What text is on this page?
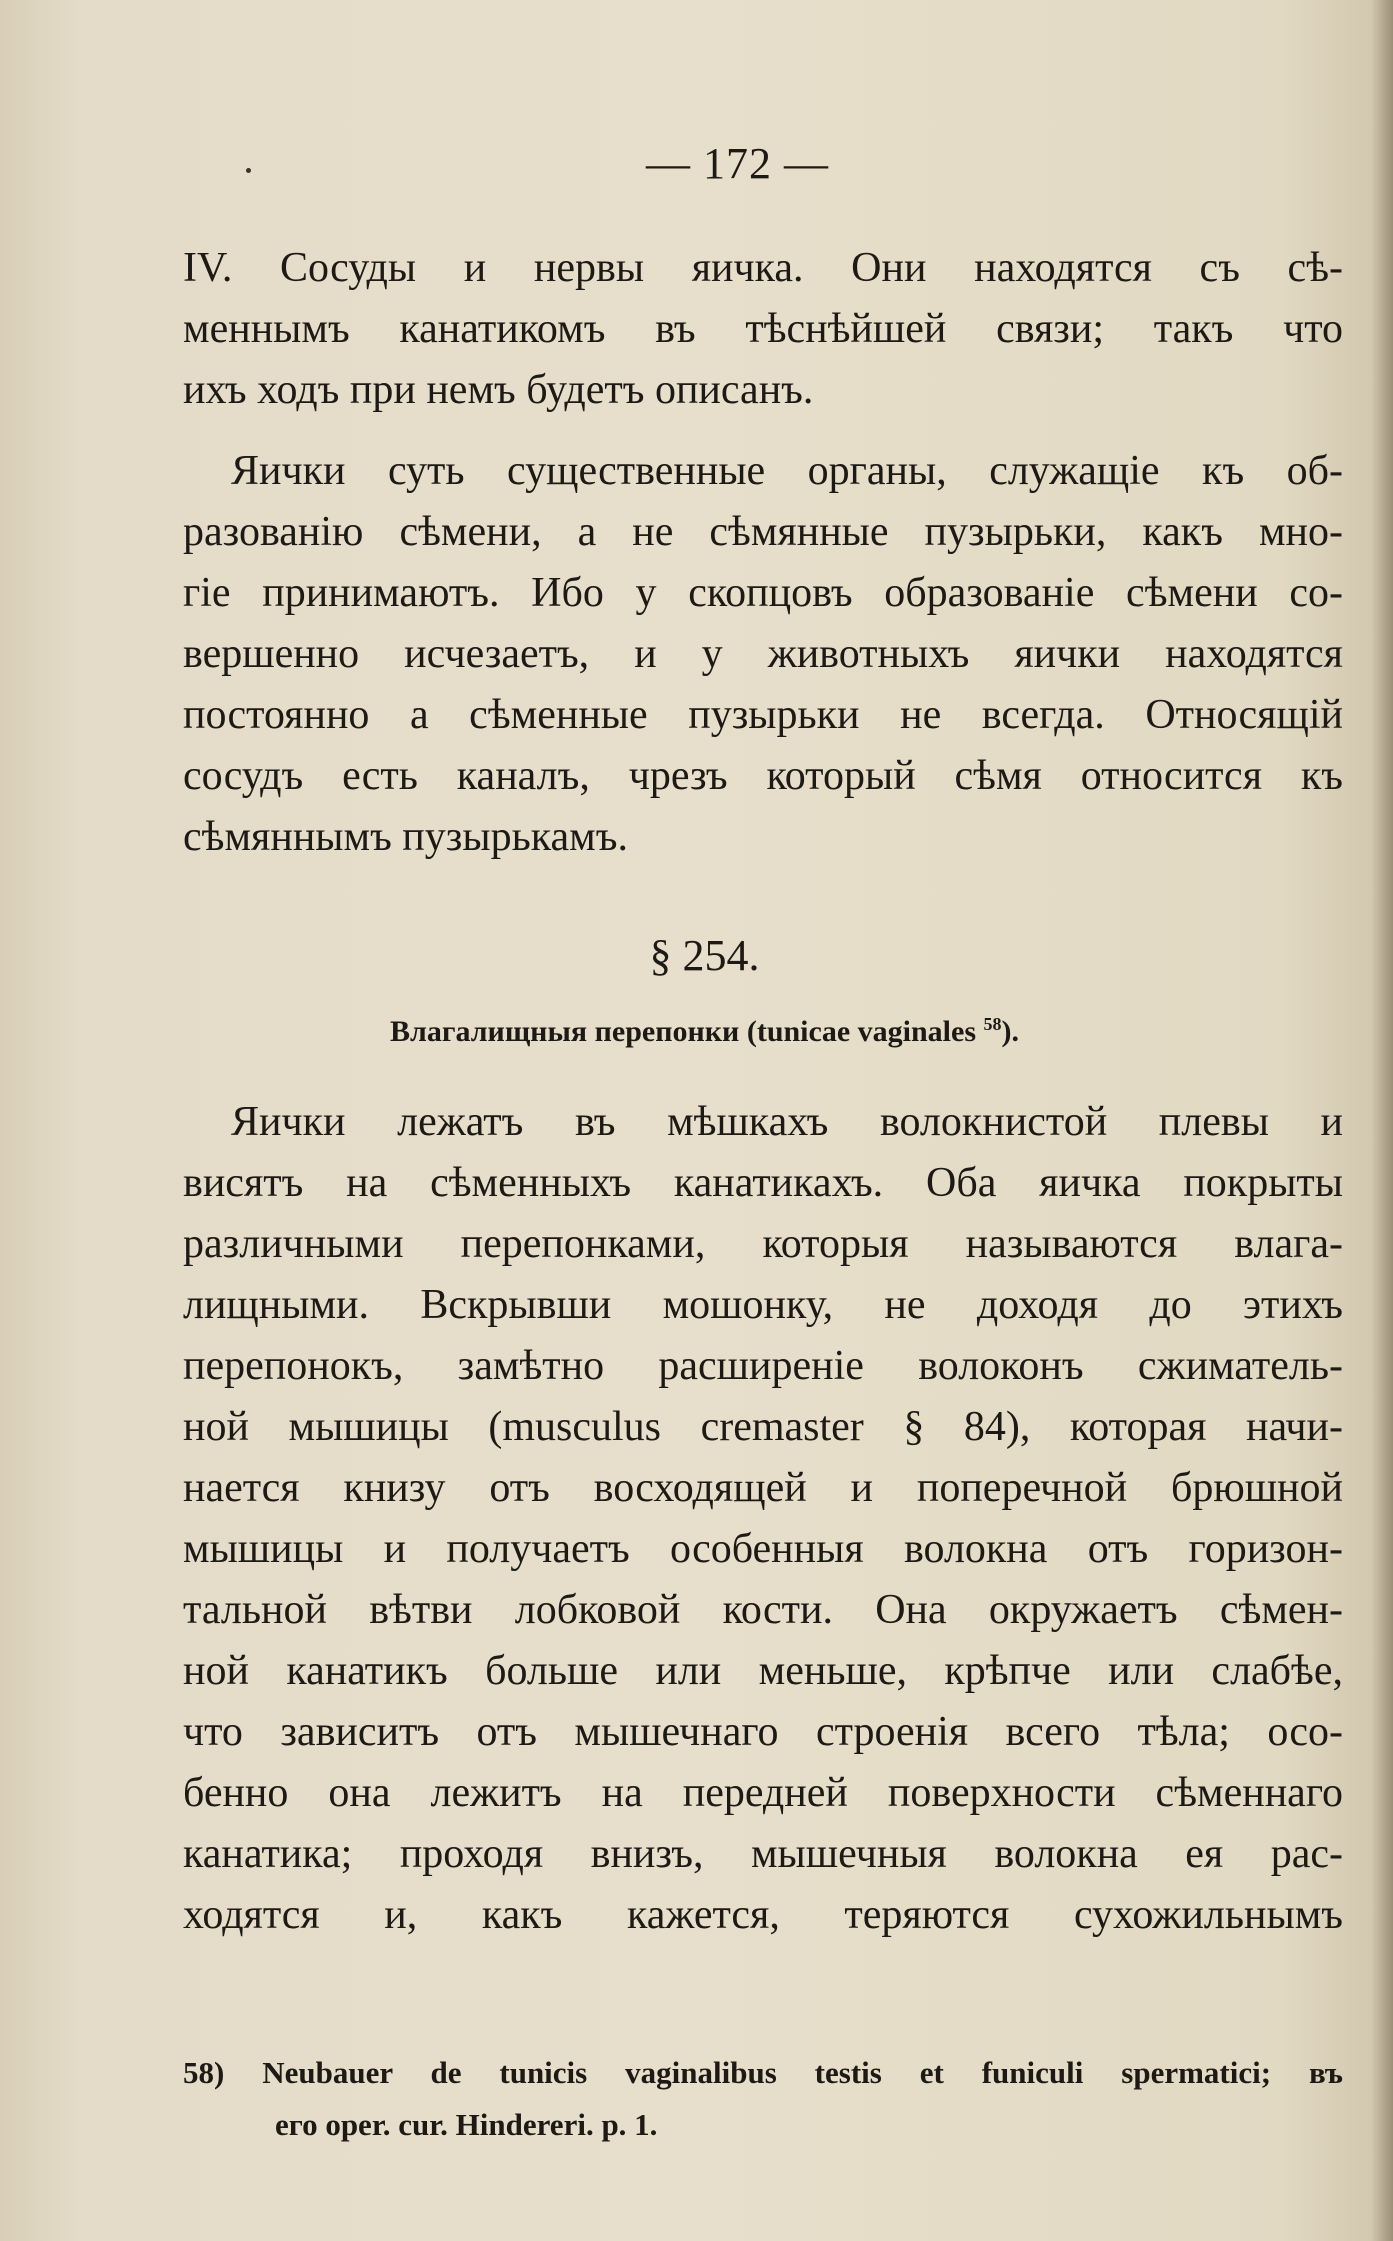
— 172 —
IV. Сосуды и нервы яичка. Они находятся съ сѣ-
меннымъ канатикомъ въ тѣснѣйшей связи; такъ что
ихъ ходъ при немъ будетъ описанъ.
Яички суть существенные органы, служащіе къ об-
разованію сѣмени, а не сѣмянные пузырьки, какъ мно-
гіе принимаютъ. Ибо у скопцовъ образованіе сѣмени со-
вершенно исчезаетъ, и у животныхъ яички находятся
постоянно а сѣменные пузырьки не всегда. Относящій
сосудъ есть каналъ, чрезъ который сѣмя относится къ
сѣмяннымъ пузырькамъ.
§ 254.
Влагалищныя перепонки (tunicae vaginales $^{58}$).
Яички лежатъ въ мѣшкахъ волокнистой плевы и
висятъ на сѣменныхъ канатикахъ. Оба яичка покрыты
различными перепонками, которыя называются влага-
лищными. Вскрывши мошонку, не доходя до этихъ
перепонокъ, замѣтно расширеніе волоконъ сжиматель-
ной мышицы (musculus cremaster § 84), которая начи-
нается книзу отъ восходящей и поперечной брюшной
мышицы и получаетъ особенныя волокна отъ горизон-
тальной вѣтви лобковой кости. Она окружаетъ сѣмен-
ной канатикъ больше или меньше, крѣпче или слабѣе,
что зависитъ отъ мышечнаго строенія всего тѣла; осо-
бенно она лежитъ на передней поверхности сѣменнаго
канатика; проходя внизъ, мышечныя волокна ея рас-
ходятся и, какъ кажется, теряются сухожильнымъ
58) Neubauer de tunicis vaginalibus testis et funiculi spermatici; въ
его oper. cur. Hindereri. p. 1.
